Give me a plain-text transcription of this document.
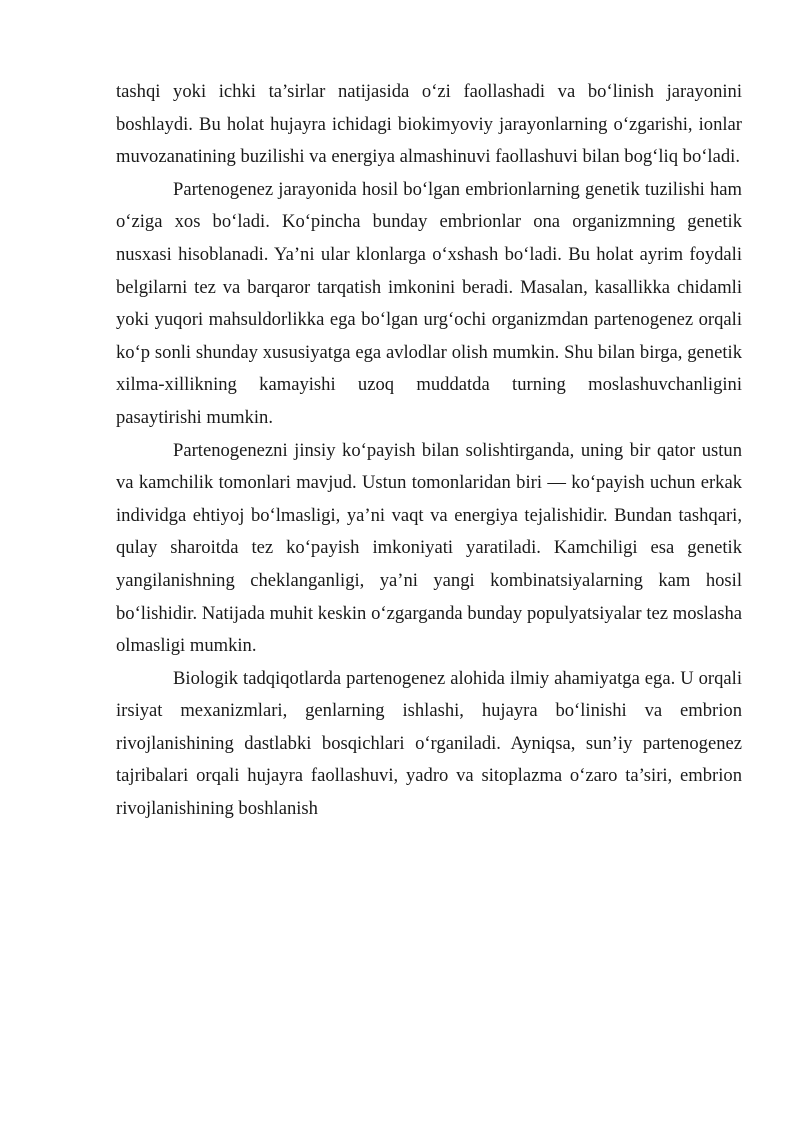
tashqi yoki ichki ta’sirlar natijasida o‘zi faollashadi va bo‘linish jarayonini boshlaydi. Bu holat hujayra ichidagi biokimyoviy jarayonlarning o‘zgarishi, ionlar muvozanatining buzilishi va energiya almashinuvi faollashuvi bilan bog‘liq bo‘ladi.

Partenogenez jarayonida hosil bo‘lgan embrionlarning genetik tuzilishi ham o‘ziga xos bo‘ladi. Ko‘pincha bunday embrionlar ona organizmning genetik nusxasi hisoblanadi. Ya’ni ular klonlarga o‘xshash bo‘ladi. Bu holat ayrim foydali belgilarni tez va barqaror tarqatish imkonini beradi. Masalan, kasallikka chidamli yoki yuqori mahsuldorlikka ega bo‘lgan urg‘ochi organizmdan partenogenez orqali ko‘p sonli shunday xususiyatga ega avlodlar olish mumkin. Shu bilan birga, genetik xilma-xillikning kamayishi uzoq muddatda turning moslashuvchanligini pasaytirishi mumkin.

Partenogenezni jinsiy ko‘payish bilan solishtirganda, uning bir qator ustun va kamchilik tomonlari mavjud. Ustun tomonlaridan biri — ko‘payish uchun erkak individga ehtiyoj bo‘lmasligi, ya’ni vaqt va energiya tejalishidir. Bundan tashqari, qulay sharoitda tez ko‘payish imkoniyati yaratiladi. Kamchiligi esa genetik yangilanishning cheklanganligi, ya’ni yangi kombinatsiyalarning kam hosil bo‘lishidir. Natijada muhit keskin o‘zgarganda bunday populyatsiyalar tez moslasha olmasligi mumkin.

Biologik tadqiqotlarda partenogenez alohida ilmiy ahamiyatga ega. U orqali irsiyat mexanizmlari, genlarning ishlashi, hujayra bo‘linishi va embrion rivojlanishining dastlabki bosqichlari o‘rganiladi. Ayniqsa, sun’iy partenogenez tajribalari orqali hujayra faollashuvi, yadro va sitoplazma o‘zaro ta’siri, embrion rivojlanishining boshlanish
